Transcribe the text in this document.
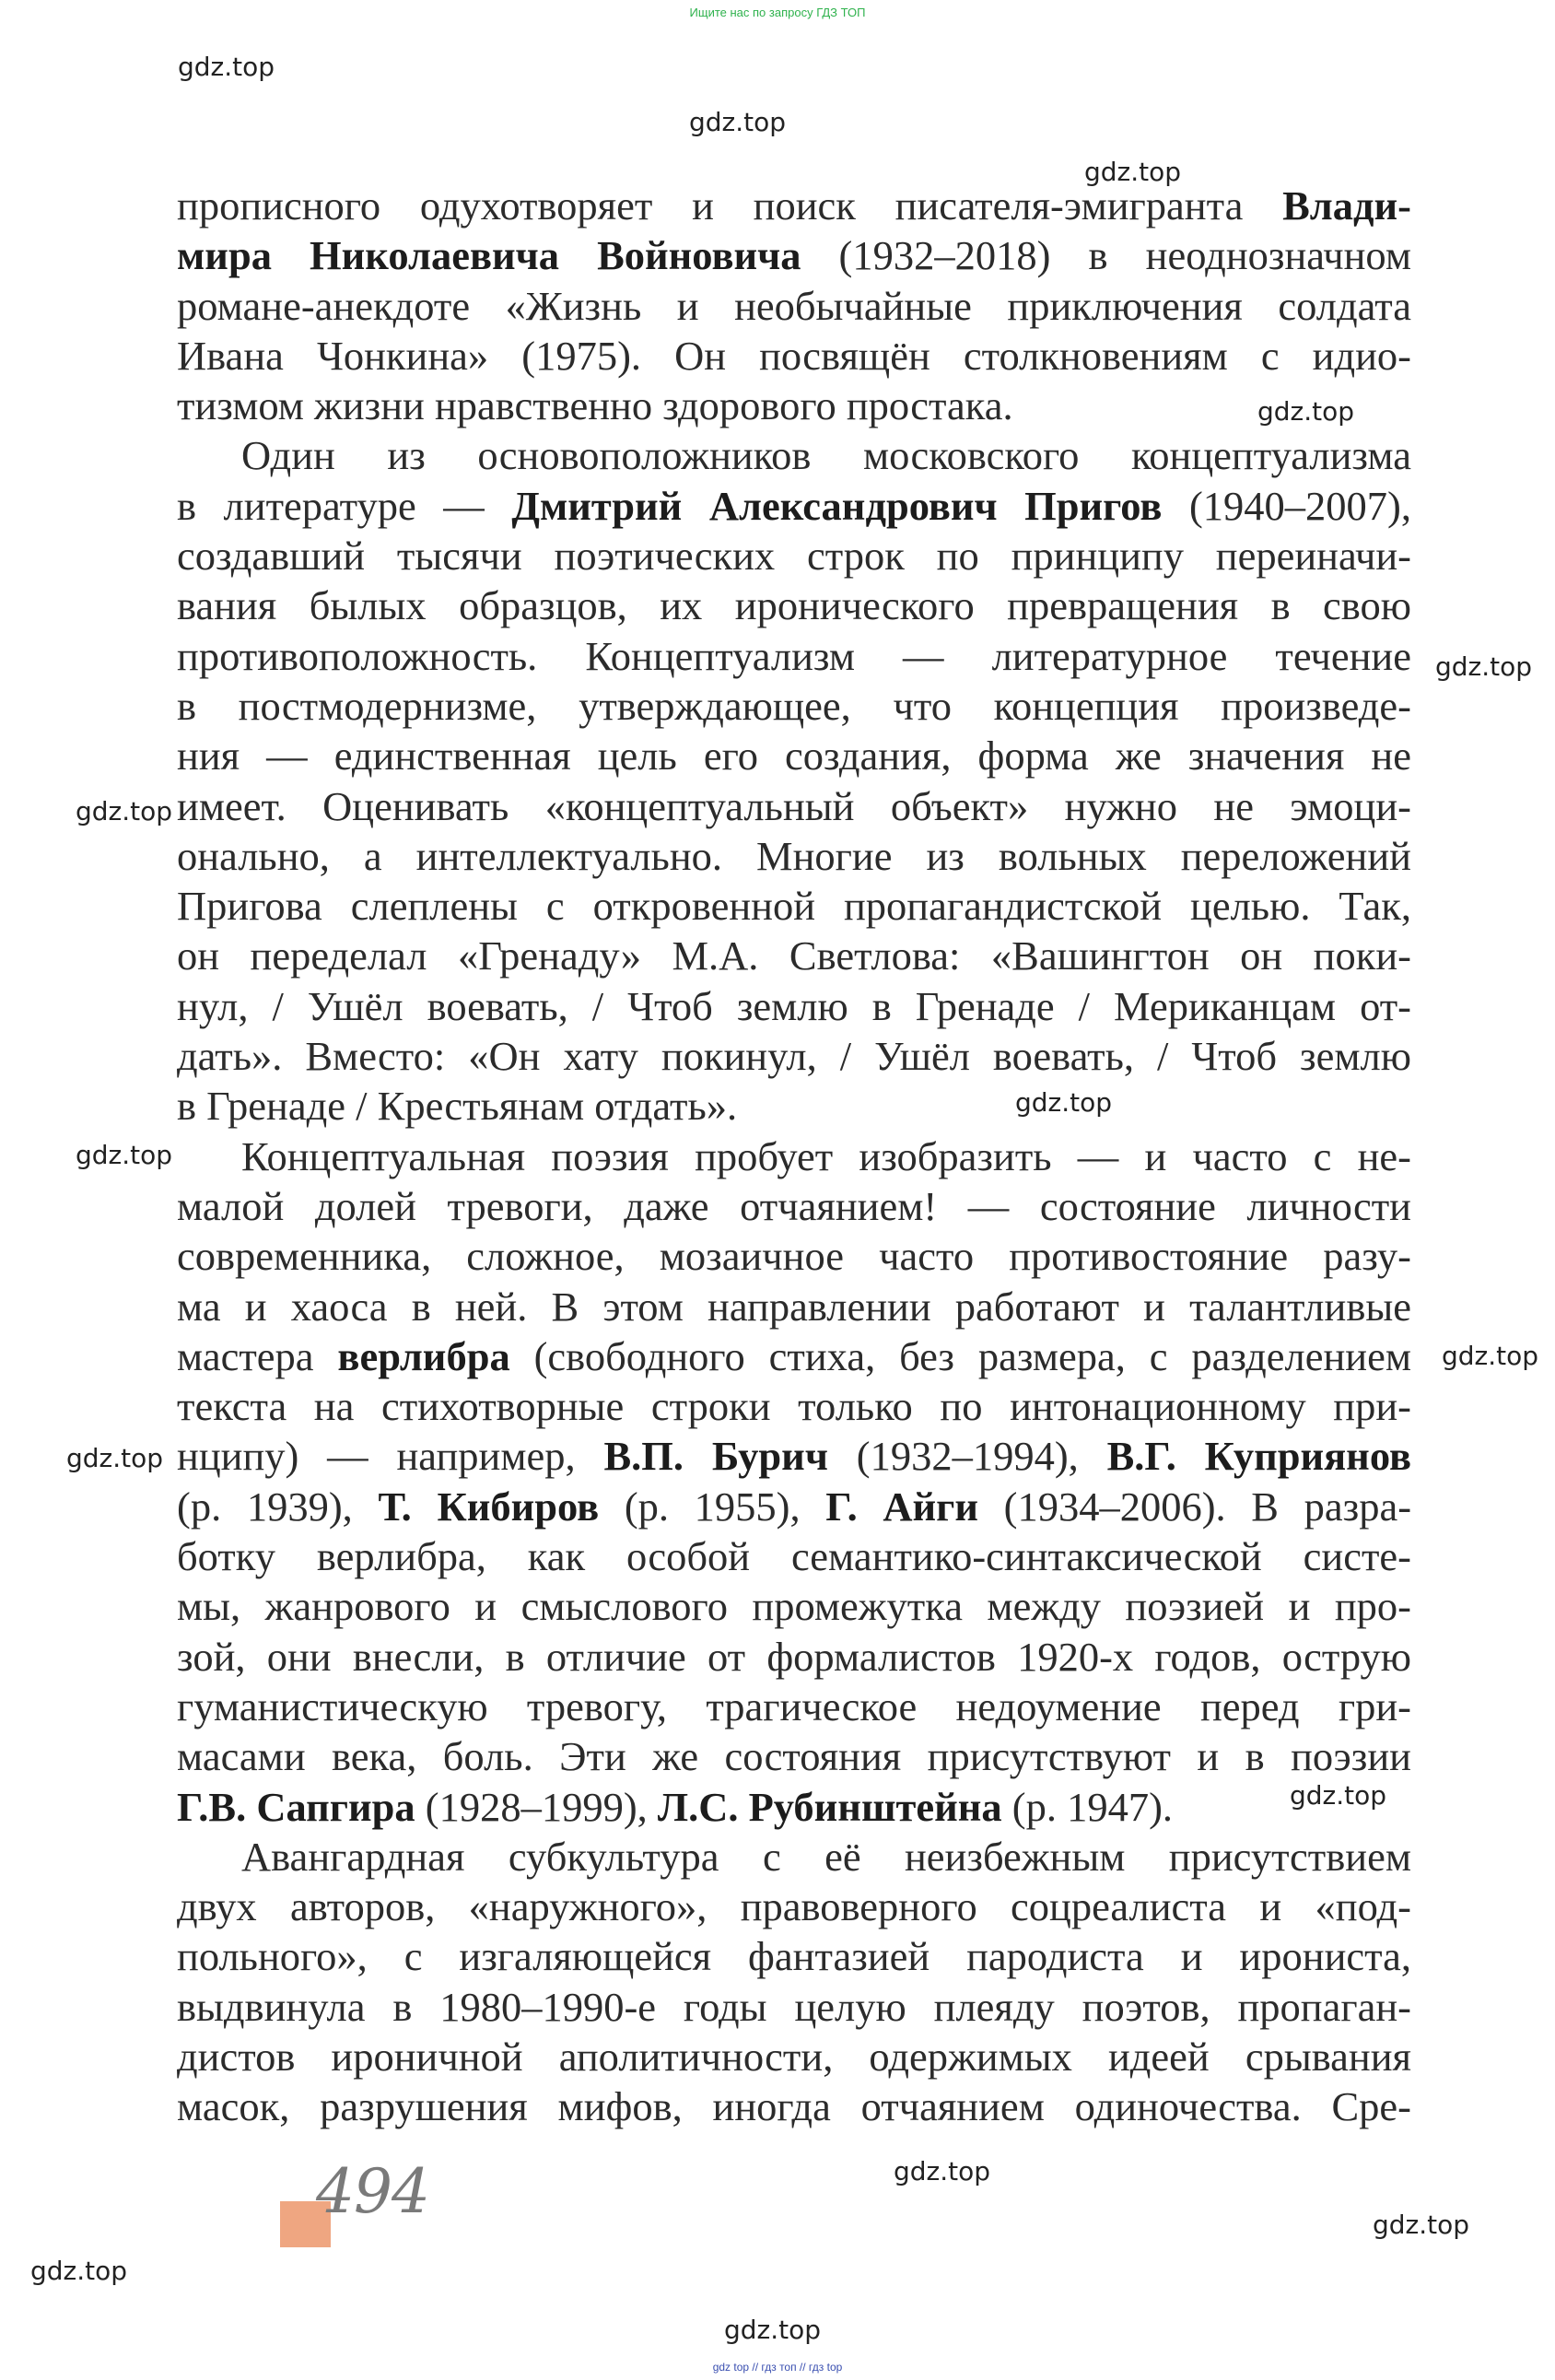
Ищите нас по запросу ГДЗ ТОП
gdz.top
gdz.top
gdz.top
gdz.top
gdz.top
gdz.top
gdz.top
gdz.top
gdz.top
gdz.top
gdz.top
gdz.top
gdz.top
gdz.top
gdz.top
прописного одухотворяет и поиск писателя-эмигранта Влади-
мира Николаевича Войновича (1932–2018) в неоднозначном
романе-анекдоте «Жизнь и необычайные приключения солдата
Ивана Чонкина» (1975). Он посвящён столкновениям с идио-
тизмом жизни нравственно здорового простака.
Один из основоположников московского концептуализма
в литературе — Дмитрий Александрович Пригов (1940–2007),
создавший тысячи поэтических строк по принципу переиначи-
вания былых образцов, их иронического превращения в свою
противоположность. Концептуализм — литературное течение
в постмодернизме, утверждающее, что концепция произведе-
ния — единственная цель его создания, форма же значения не
имеет. Оценивать «концептуальный объект» нужно не эмоци-
онально, а интеллектуально. Многие из вольных переложений
Пригова слеплены с откровенной пропагандистской целью. Так,
он переделал «Гренаду» М.А. Светлова: «Вашингтон он поки-
нул, / Ушёл воевать, / Чтоб землю в Гренаде / Мериканцам от-
дать». Вместо: «Он хату покинул, / Ушёл воевать, / Чтоб землю
в Гренаде / Крестьянам отдать».
Концептуальная поэзия пробует изобразить — и часто с не-
малой долей тревоги, даже отчаянием! — состояние личности
современника, сложное, мозаичное часто противостояние разу-
ма и хаоса в ней. В этом направлении работают и талантливые
мастера верлибра (свободного стиха, без размера, с разделением
текста на стихотворные строки только по интонационному при-
нципу) — например, В.П. Бурич (1932–1994), В.Г. Куприянов
(р. 1939), Т. Кибиров (р. 1955), Г. Айги (1934–2006). В разра-
ботку верлибра, как особой семантико-синтаксической систе-
мы, жанрового и смыслового промежутка между поэзией и про-
зой, они внесли, в отличие от формалистов 1920-х годов, острую
гуманистическую тревогу, трагическое недоумение перед гри-
масами века, боль. Эти же состояния присутствуют и в поэзии
Г.В. Сапгира (1928–1999), Л.С. Рубинштейна (р. 1947).
Авангардная субкультура с её неизбежным присутствием
двух авторов, «наружного», правоверного соцреалиста и «под-
польного», с изгаляющейся фантазией пародиста и ирониста,
выдвинула в 1980–1990-е годы целую плеяду поэтов, пропаган-
дистов ироничной аполитичности, одержимых идеей срывания
масок, разрушения мифов, иногда отчаянием одиночества. Сре-
494
gdz top // гдз топ // гдз top
